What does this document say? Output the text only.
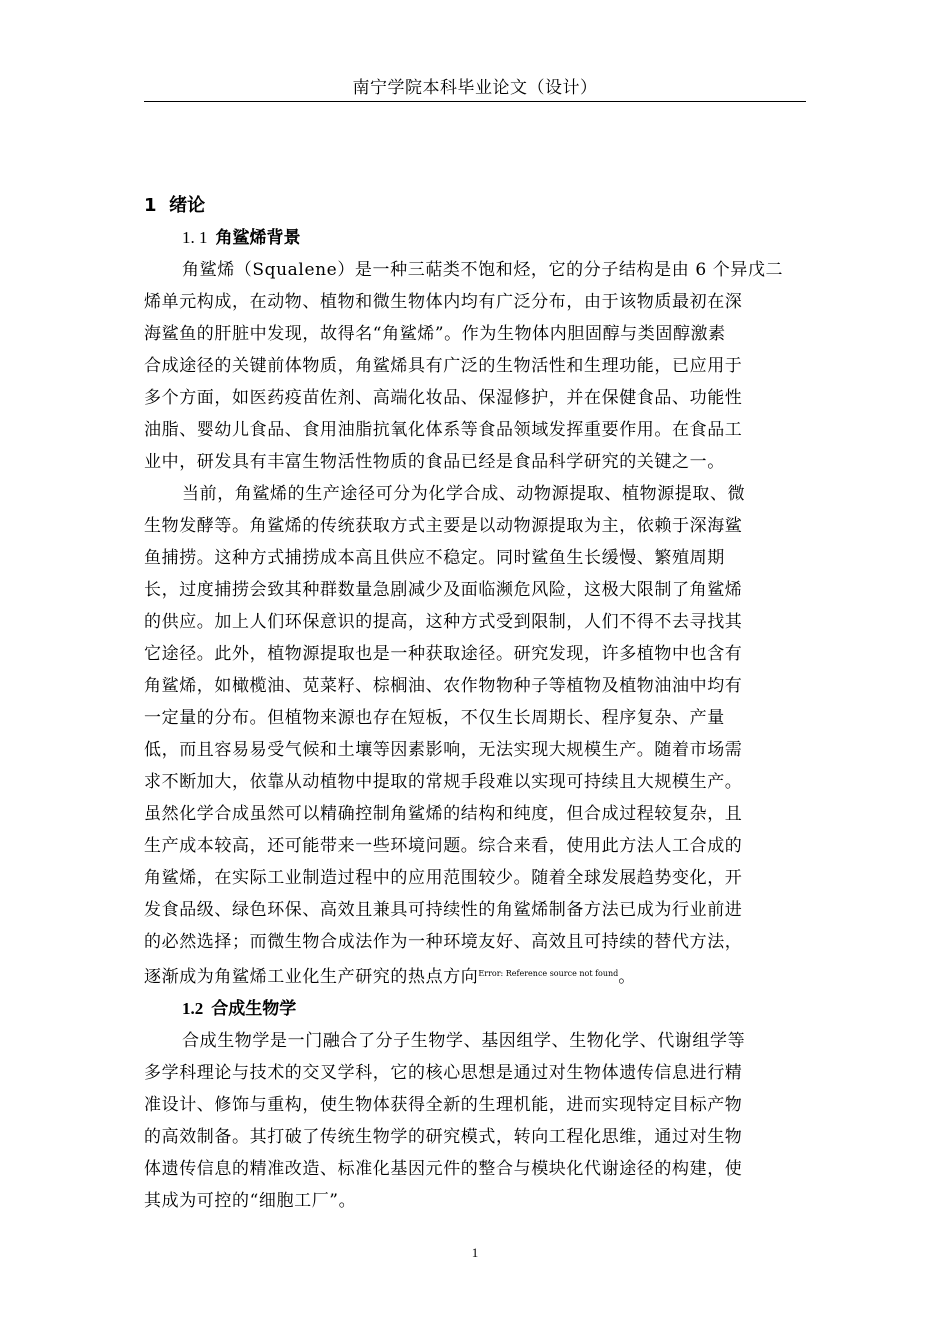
南宁学院本科毕业论文（设计）
1 绪论
1. 1 角鲨烯背景
角鲨烯（Squalene）是一种三萜类不饱和烃，它的分子结构是由 6 个异戊二
烯单元构成，在动物、植物和微生物体内均有广泛分布，由于该物质最初在深
海鲨鱼的肝脏中发现，故得名“角鲨烯”。作为生物体内胆固醇与类固醇激素
合成途径的关键前体物质，角鲨烯具有广泛的生物活性和生理功能，已应用于
多个方面，如医药疫苗佐剂、高端化妆品、保湿修护，并在保健食品、功能性
油脂、婴幼儿食品、食用油脂抗氧化体系等食品领域发挥重要作用。在食品工
业中，研发具有丰富生物活性物质的食品已经是食品科学研究的关键之一。
当前，角鲨烯的生产途径可分为化学合成、动物源提取、植物源提取、微
生物发酵等。角鲨烯的传统获取方式主要是以动物源提取为主，依赖于深海鲨
鱼捕捞。这种方式捕捞成本高且供应不稳定。同时鲨鱼生长缓慢、繁殖周期
长，过度捕捞会致其种群数量急剧减少及面临濒危风险，这极大限制了角鲨烯
的供应。加上人们环保意识的提高，这种方式受到限制，人们不得不去寻找其
它途径。此外，植物源提取也是一种获取途径。研究发现，许多植物中也含有
角鲨烯，如橄榄油、苋菜籽、棕榈油、农作物物种子等植物及植物油油中均有
一定量的分布。但植物来源也存在短板，不仅生长周期长、程序复杂、产量
低，而且容易易受气候和土壤等因素影响，无法实现大规模生产。随着市场需
求不断加大，依靠从动植物中提取的常规手段难以实现可持续且大规模生产。
虽然化学合成虽然可以精确控制角鲨烯的结构和纯度，但合成过程较复杂，且
生产成本较高，还可能带来一些环境问题。综合来看，使用此方法人工合成的
角鲨烯，在实际工业制造过程中的应用范围较少。随着全球发展趋势变化，开
发食品级、绿色环保、高效且兼具可持续性的角鲨烯制备方法已成为行业前进
的必然选择；而微生物合成法作为一种环境友好、高效且可持续的替代方法，
逐渐成为角鲨烯工业化生产研究的热点方向$^{Error: Reference source not found}$。
1.2 合成生物学
合成生物学是一门融合了分子生物学、基因组学、生物化学、代谢组学等
多学科理论与技术的交叉学科，它的核心思想是通过对生物体遗传信息进行精
准设计、修饰与重构，使生物体获得全新的生理机能，进而实现特定目标产物
的高效制备。其打破了传统生物学的研究模式，转向工程化思维，通过对生物
体遗传信息的精准改造、标准化基因元件的整合与模块化代谢途径的构建，使
其成为可控的“细胞工厂”。
1
